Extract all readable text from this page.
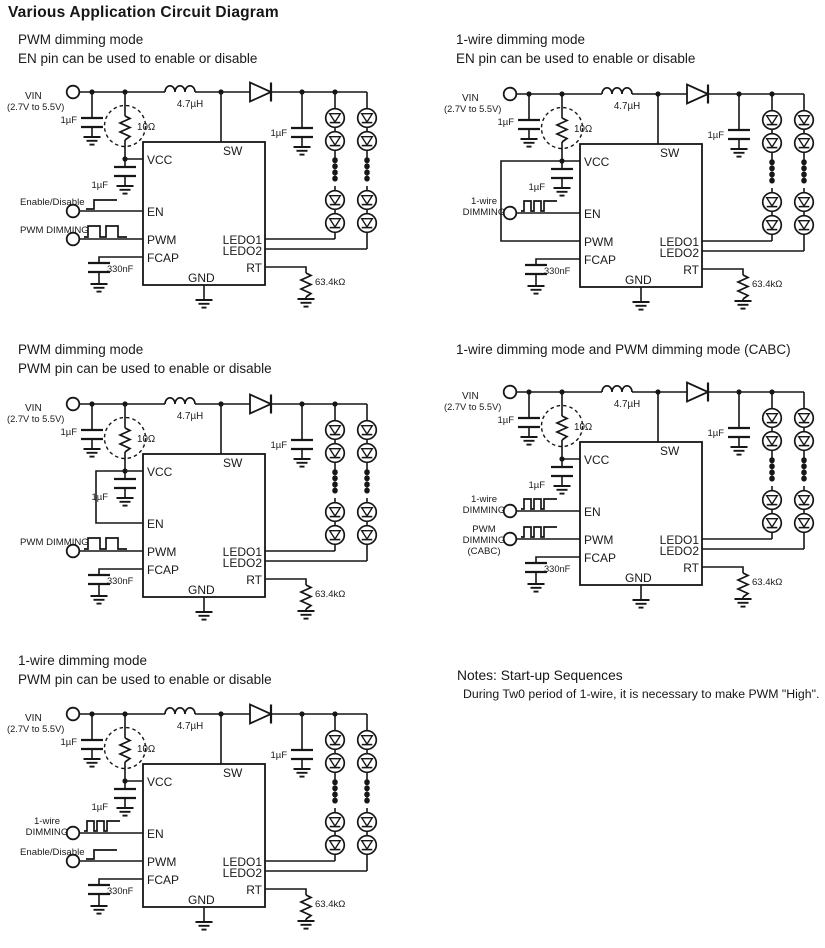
Various Application Circuit Diagram
PWM dimming mode
EN pin can be used to enable or disable
1-wire dimming mode
EN pin can be used to enable or disable
PWM dimming mode
PWM pin can be used to enable or disable
1-wire dimming mode and PWM dimming mode (CABC)
1-wire dimming mode
PWM pin can be used to enable or disable
4.7µH
VIN
(2.7V to 5.5V)
1µF
10Ω
1µF
1µF
VCC
SW
EN
PWM
FCAP
GND
LEDO1
LEDO2
RT
330nF
63.4kΩ
Enable/Disable
PWM DIMMING
4.7µH
VIN
(2.7V to 5.5V)
1µF
10Ω
1µF
1µF
VCC
SW
EN
PWM
FCAP
GND
LEDO1
LEDO2
RT
330nF
63.4kΩ
1-wire
DIMMING
4.7µH
VIN
(2.7V to 5.5V)
1µF
10Ω
1µF
1µF
VCC
SW
EN
PWM
FCAP
GND
LEDO1
LEDO2
RT
330nF
63.4kΩ
PWM DIMMING
4.7µH
VIN
(2.7V to 5.5V)
1µF
10Ω
1µF
1µF
VCC
SW
EN
PWM
FCAP
GND
LEDO1
LEDO2
RT
330nF
63.4kΩ
1-wire
DIMMING
PWM
DIMMING
(CABC)
4.7µH
VIN
(2.7V to 5.5V)
1µF
10Ω
1µF
1µF
VCC
SW
EN
PWM
FCAP
GND
LEDO1
LEDO2
RT
330nF
63.4kΩ
1-wire
DIMMING
Enable/Disable
Notes: Start-up Sequences
During Tw0 period of 1-wire, it is necessary to make PWM "High".
